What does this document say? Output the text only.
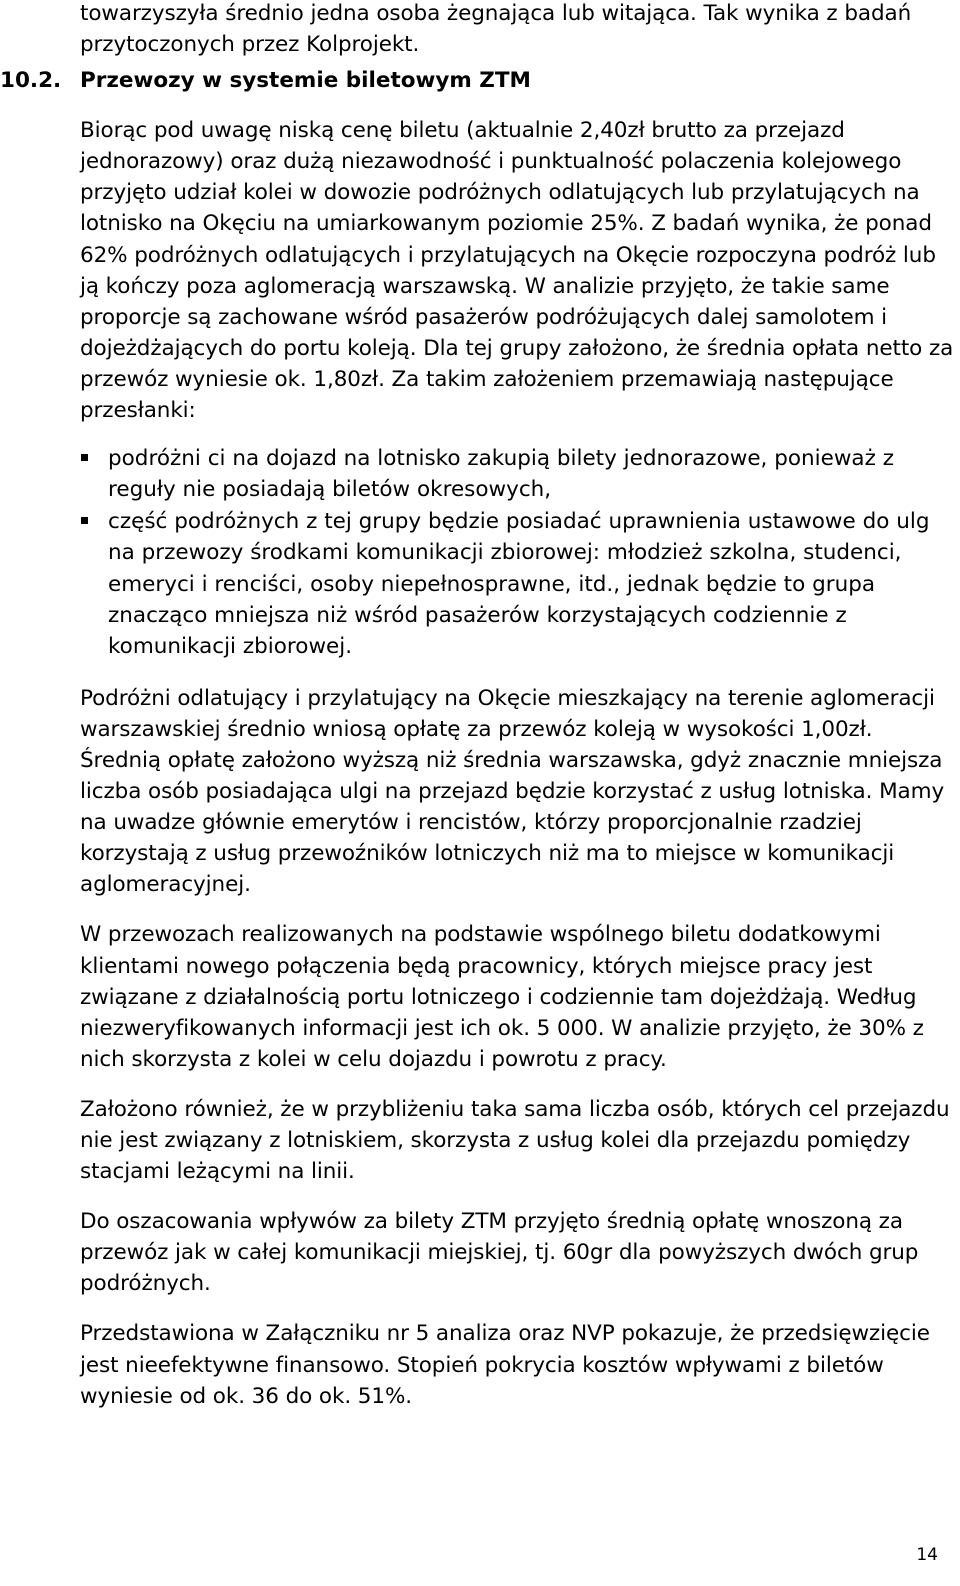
towarzyszyła średnio jedna osoba żegnająca lub witająca. Tak wynika z badań przytoczonych przez Kolprojekt.

10.2. Przewozy w systemie biletowym ZTM

Biorąc pod uwagę niską cenę biletu (aktualnie 2,40zł brutto za przejazd jednorazowy) oraz dużą niezawodność i punktualność polaczenia kolejowego przyjęto udział kolei w dowozie podróżnych odlatujących lub przylatujących na lotnisko na Okęciu na umiarkowanym poziomie 25%. Z badań wynika, że ponad 62% podróżnych odlatujących i przylatujących na Okęcie rozpoczyna podróż lub ją kończy poza aglomeracją warszawską. W analizie przyjęto, że takie same proporcje są zachowane wśród pasażerów podróżujących dalej samolotem i dojeżdżających do portu koleją. Dla tej grupy założono, że średnia opłata netto za przewóz wyniesie ok. 1,80zł. Za takim założeniem przemawiają następujące przesłanki:

podróżni ci na dojazd na lotnisko zakupią bilety jednorazowe, ponieważ z reguły nie posiadają biletów okresowych,
część podróżnych z tej grupy będzie posiadać uprawnienia ustawowe do ulg na przewozy środkami komunikacji zbiorowej: młodzież szkolna, studenci, emeryci i renciści, osoby niepełnosprawne, itd., jednak będzie to grupa znacząco mniejsza niż wśród pasażerów korzystających codziennie z komunikacji zbiorowej.

Podróżni odlatujący i przylatujący na Okęcie mieszkający na terenie aglomeracji warszawskiej średnio wniosą opłatę za przewóz koleją w wysokości 1,00zł. Średnią opłatę założono wyższą niż średnia warszawska, gdyż znacznie mniejsza liczba osób posiadająca ulgi na przejazd będzie korzystać z usług lotniska. Mamy na uwadze głównie emerytów i rencistów, którzy proporcjonalnie rzadziej korzystają z usług przewoźników lotniczych niż ma to miejsce w komunikacji aglomeracyjnej.

W przewozach realizowanych na podstawie wspólnego biletu dodatkowymi klientami nowego połączenia będą pracownicy, których miejsce pracy jest związane z działalnością portu lotniczego i codziennie tam dojeżdżają. Według niezweryfikowanych informacji jest ich ok. 5 000. W analizie przyjęto, że 30% z nich skorzysta z kolei w celu dojazdu i powrotu z pracy.

Założono również, że w przybliżeniu taka sama liczba osób, których cel przejazdu nie jest związany z lotniskiem, skorzysta z usług kolei dla przejazdu pomiędzy stacjami leżącymi na linii.

Do oszacowania wpływów za bilety ZTM przyjęto średnią opłatę wnoszoną za przewóz jak w całej komunikacji miejskiej, tj. 60gr dla powyższych dwóch grup podróżnych.

Przedstawiona w Załączniku nr 5 analiza oraz NVP pokazuje, że przedsięwzięcie jest nieefektywne finansowo. Stopień pokrycia kosztów wpływami z biletów wyniesie od ok. 36 do ok. 51%.

14
